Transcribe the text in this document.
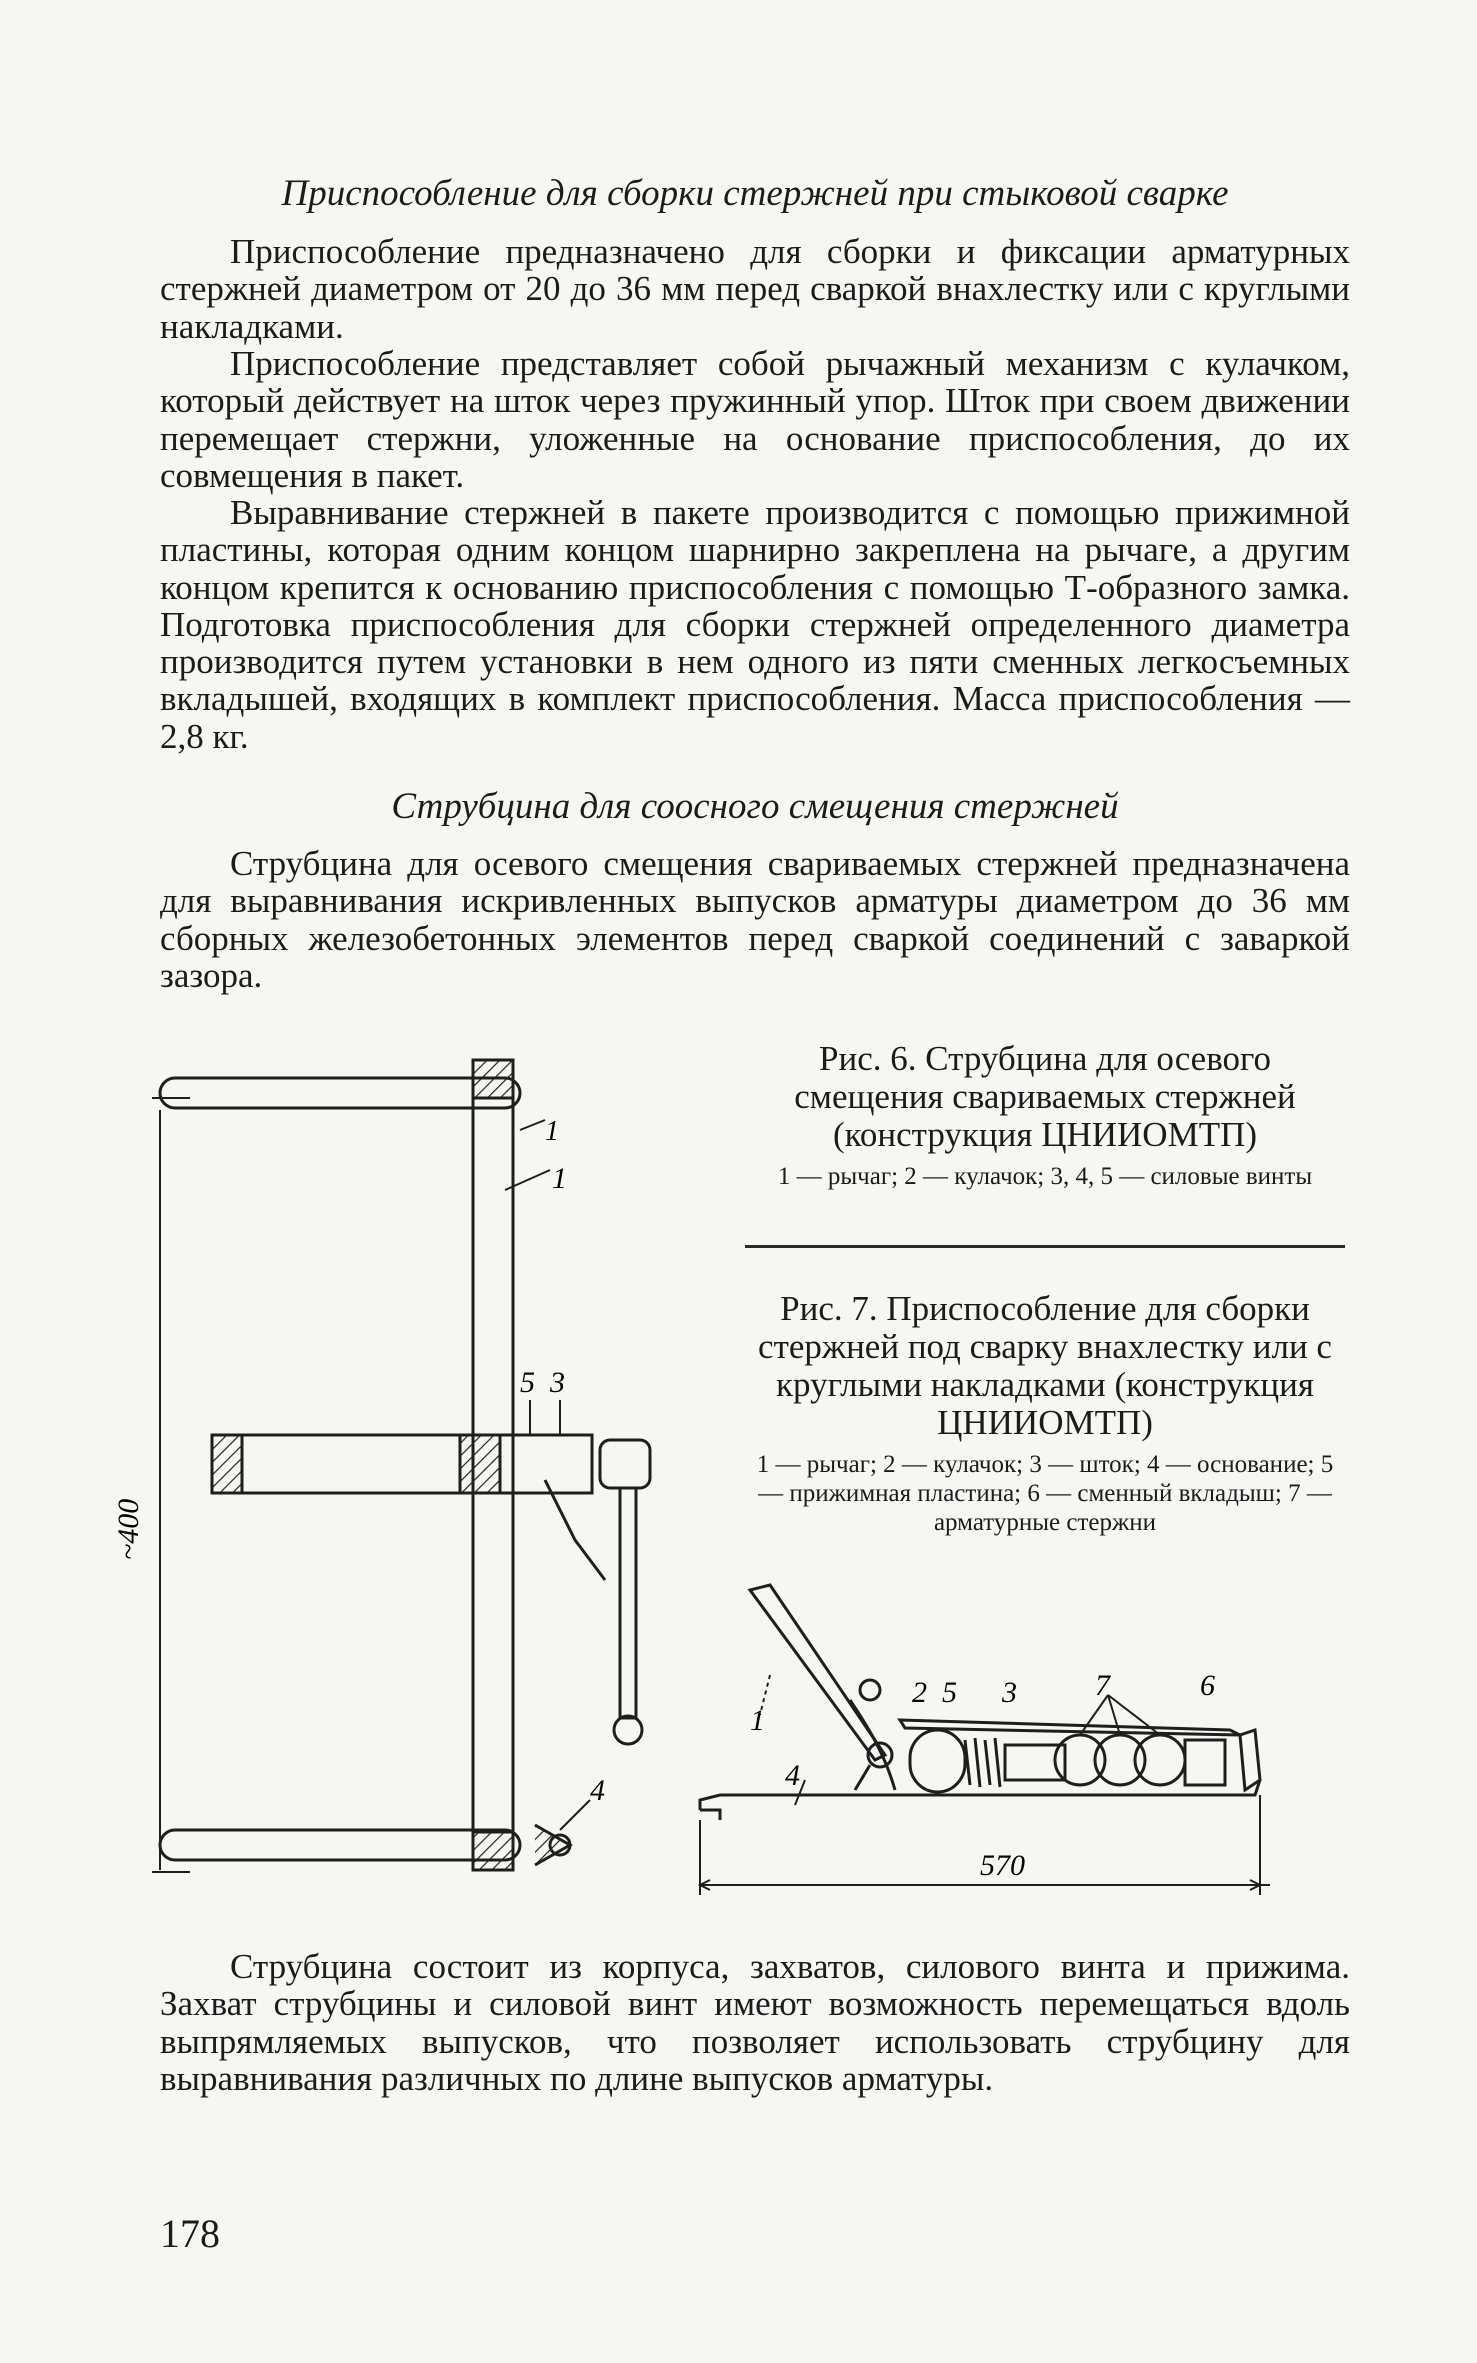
Приспособление для сборки стержней при стыковой сварке

Приспособление предназначено для сборки и фиксации арматурных стержней диаметром от 20 до 36 мм перед сваркой внахлестку или с круглыми накладками.

Приспособление представляет собой рычажный механизм с кулачком, который действует на шток через пружинный упор. Шток при своем движении перемещает стержни, уложенные на основание приспособления, до их совмещения в пакет.

Выравнивание стержней в пакете производится с помощью прижимной пластины, которая одним концом шарнирно закреплена на рычаге, а другим концом крепится к основанию приспособления с помощью Т-образного замка. Подготовка приспособления для сборки стержней определенного диаметра производится путем установки в нем одного из пяти сменных легкосъемных вкладышей, входящих в комплект приспособления. Масса приспособления — 2,8 кг.

Струбцина для соосного смещения стержней

Струбцина для осевого смещения свариваемых стержней предназначена для выравнивания искривленных выпусков арматуры диаметром до 36 мм сборных железобетонных элементов перед сваркой соединений с заваркой зазора.

1
1
5 3
4
~400
Рис. 6. Струбцина для осевого смещения свариваемых стержней (конструкция ЦНИИОМТП)
1 — рычаг; 2 — кулачок; 3, 4, 5 — силовые винты
Рис. 7. Приспособление для сборки стержней под сварку внахлестку или с круглыми накладками (конструкция ЦНИИОМТП)
1 — рычаг; 2 — кулачок; 3 — шток; 4 — основание; 5 — прижимная пластина; 6 — сменный вкладыш; 7 — арматурные стержни
1
2 5 3	7	6
4
570

Струбцина состоит из корпуса, захватов, силового винта и прижима. Захват струбцины и силовой винт имеют возможность перемещаться вдоль выпрямляемых выпусков, что позволяет использовать струбцину для выравнивания различных по длине выпусков арматуры.

178
